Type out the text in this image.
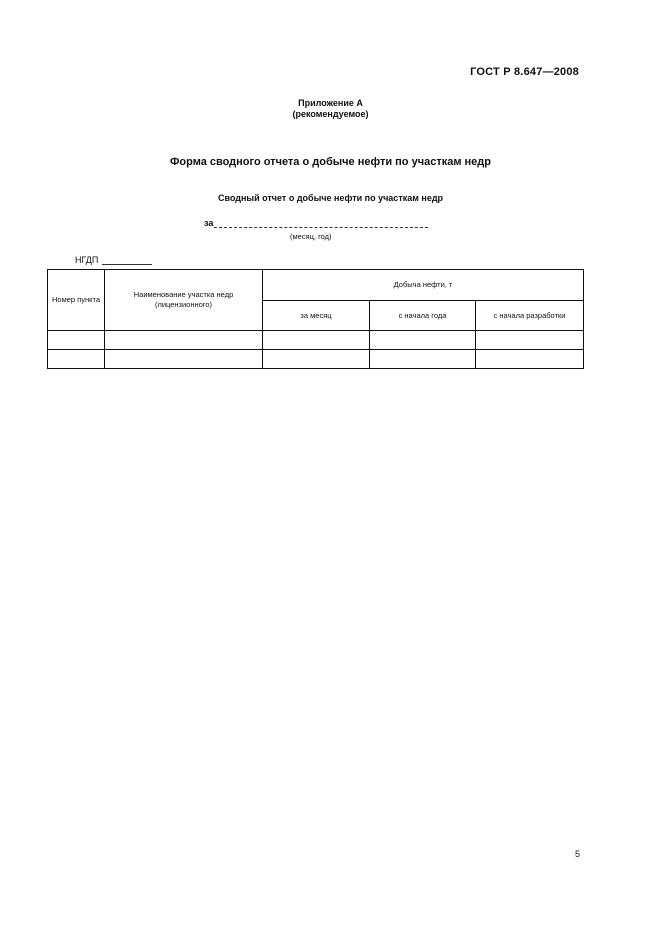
ГОСТ Р 8.647—2008
Приложение А
(рекомендуемое)
Форма сводного отчета о добыче нефти по участкам недр
Сводный отчет о добыче нефти по участкам недр
за
(месяц, год)
НГДП
Номер пункта	Наименование участка недр (лицензионного)	Добыча нефти, т		
		за месяц	с начала года	с начала разработки

5
